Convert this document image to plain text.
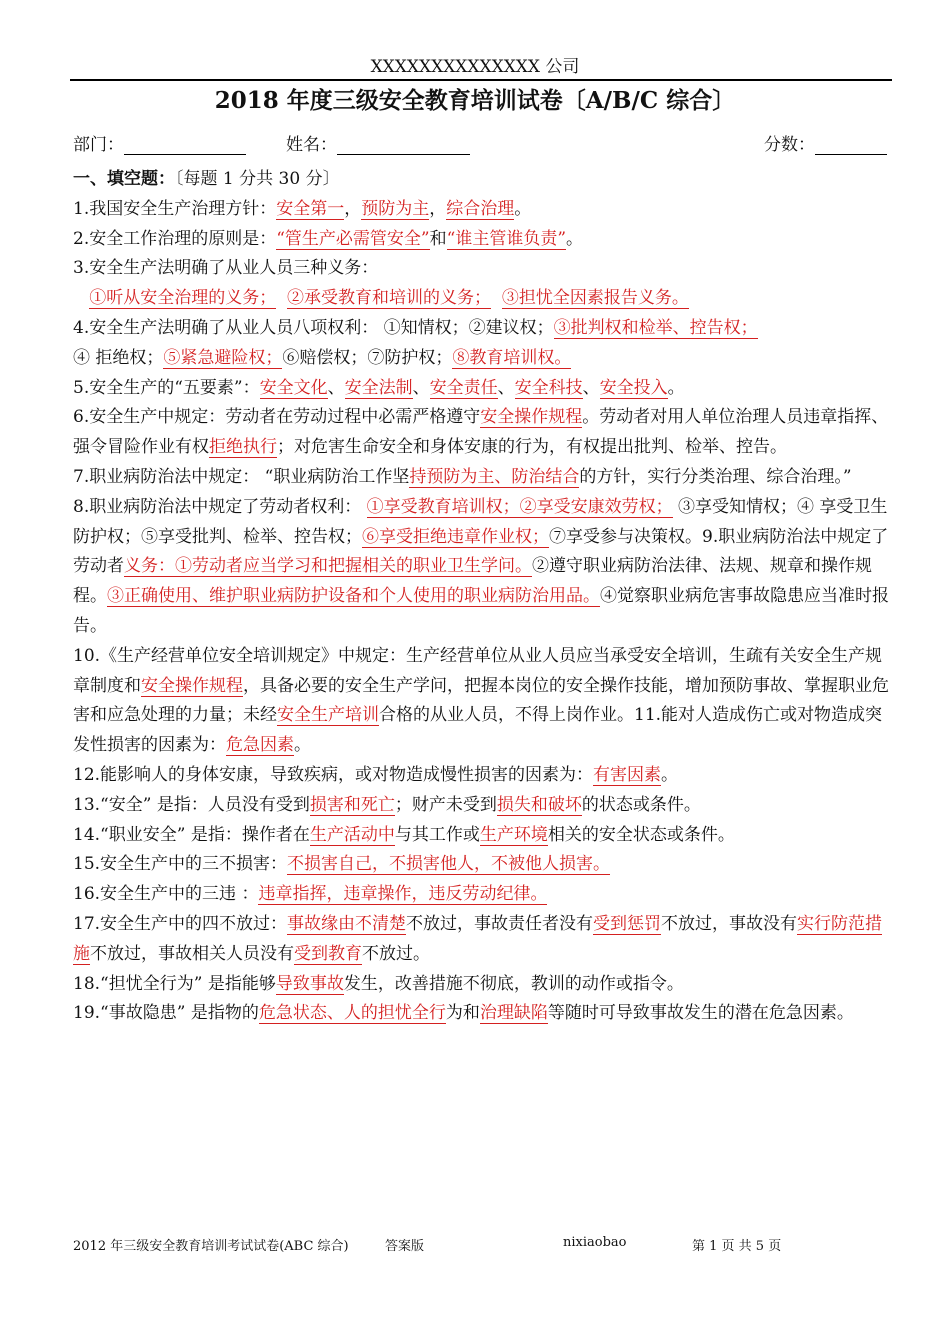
XXXXXXXXXXXXXX 公司
2018 年度三级安全教育培训试卷〔A/B/C 综合〕
部门：	姓名：	分数：

一、填空题：〔每题 1 分共 30 分〕

1.我国安全生产治理方针：安全第一，预防为主，综合治理。

2.安全工作治理的原则是：“管生产必需管安全”和“谁主管谁负责”。

3.安全生产法明确了从业人员三种义务：

①听从安全治理的义务； ②承受教育和培训的义务； ③担忧全因素报告义务。

4.安全生产法明确了从业人员八项权利： ①知情权；②建议权；③批判权和检举、控告权；

④ 拒绝权；⑤紧急避险权；⑥赔偿权；⑦防护权；⑧教育培训权。

5.安全生产的“五要素”：安全文化、安全法制、安全责任、安全科技、安全投入。

6.安全生产中规定：劳动者在劳动过程中必需严格遵守安全操作规程。劳动者对用人单位治理人员违章指挥、强令冒险作业有权拒绝执行；对危害生命安全和身体安康的行为，有权提出批判、检举、控告。

7.职业病防治法中规定： “职业病防治工作坚持预防为主、防治结合的方针，实行分类治理、综合治理。”

8.职业病防治法中规定了劳动者权利： ①享受教育培训权；②享受安康效劳权； ③享受知情权；④ 享受卫生防护权；⑤享受批判、检举、控告权；⑥享受拒绝违章作业权；⑦享受参与决策权。9.职业病防治法中规定了劳动者义务：①劳动者应当学习和把握相关的职业卫生学问。②遵守职业病防治法律、法规、规章和操作规程。③正确使用、维护职业病防护设备和个人使用的职业病防治用品。④觉察职业病危害事故隐患应当准时报告。

10.《生产经营单位安全培训规定》中规定：生产经营单位从业人员应当承受安全培训，生疏有关安全生产规章制度和安全操作规程，具备必要的安全生产学问，把握本岗位的安全操作技能，增加预防事故、掌握职业危害和应急处理的力量；未经安全生产培训合格的从业人员，不得上岗作业。11.能对人造成伤亡或对物造成突发性损害的因素为：危急因素。

12.能影响人的身体安康，导致疾病，或对物造成慢性损害的因素为：有害因素。

13.“安全” 是指：人员没有受到损害和死亡；财产未受到损失和破坏的状态或条件。

14.“职业安全” 是指：操作者在生产活动中与其工作或生产环境相关的安全状态或条件。

15.安全生产中的三不损害：不损害自己，不损害他人，不被他人损害。

16.安全生产中的三违 ：违章指挥，违章操作，违反劳动纪律。

17.安全生产中的四不放过：事故缘由不清楚不放过，事故责任者没有受到惩罚不放过，事故没有实行防范措施不放过，事故相关人员没有受到教育不放过。

18.“担忧全行为” 是指能够导致事故发生，改善措施不彻底，教训的动作或指令。

19.“事故隐患” 是指物的危急状态、人的担忧全行为和治理缺陷等随时可导致事故发生的潜在危急因素。

2012 年三级安全教育培训考试试卷(ABC 综合)	答案版	nixiaobao	第 1 页 共 5 页
